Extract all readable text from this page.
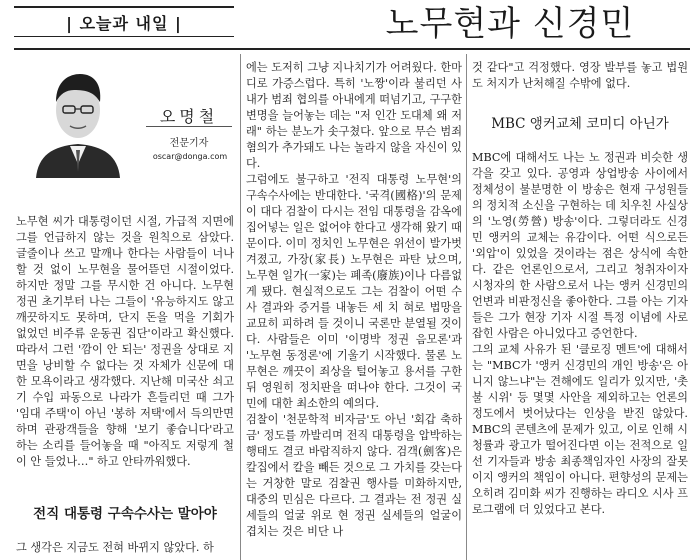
| 오늘과 내일 |	노무현과 신경민
오명철
전문기자
oscar@donga.com
노무현 씨가 대통령이던 시절, 가급적 지면에 그를 언급하지 않는 것을 원칙으로 삼았다. 글줄이나 쓰고 말깨나 한다는 사람들이 너나 할 것 없이 노무현을 물어뜯던 시절이었다. 하지만 정말 그를 무시한 건 아니다. 노무현 정권 초기부터 나는 그들이 '유능하지도 않고 깨끗하지도 못하며, 단지 돈을 먹을 기회가 없었던 비주류 운동권 집단'이라고 확신했다. 따라서 그런 '깜이 안 되는' 정권을 상대로 지면을 낭비할 수 없다는 것 자체가 신문에 대한 모욕이라고 생각했다. 지난해 미국산 쇠고기 수입 파동으로 나라가 흔들리던 때 그가 '임대 주택'이 아닌 '봉하 저택'에서 득의만면하며 관광객들을 향해 '보기 좋습니다'라고 하는 소리를 들어놓을 때 "아직도 저렇게 철이 안 들었나…" 하고 안타까워했다.
전직 대통령 구속수사는 말아야
그 생각은 지금도 전혀 바뀌지 않았다. 하
에는 도저히 그냥 지나치기가 어려웠다. 한마디로 가증스럽다. 특히 '노짱'이라 불리던 사내가 범죄 협의를 아내에게 떠넘기고, 구구한 변명을 늘어놓는 데는 "저 인간 도대체 왜 저래" 하는 분노가 솟구쳤다. 앞으로 무슨 범죄 혐의가 추가돼도 나는 놀라지 않을 자신이 있다.
그럼에도 불구하고 '전직 대통령 노무현'의 구속수사에는 반대한다. '국격(國格)'의 문제이 대다 검찰이 다시는 전임 대통령을 감옥에 집어넣는 일은 없어야 한다고 생각해 왔기 때문이다. 이미 정치인 노무현은 위선이 발가벗겨졌고, 가장(家長) 노무현은 파탄 났으며, 노무현 일가(一家)는 폐족(廢族)이나 다름없게 됐다. 현실적으로도 그는 검찰이 어떤 수사 결과와 증거를 내놓든 세 치 혀로 법망을 교묘히 피하려 들 것이니 국론만 분열될 것이다. 사람들은 이미 '이명박 정권 음모론'과 '노무현 동정론'에 기울기 시작했다. 물론 노무현은 깨끗이 죄상을 털어놓고 용서를 구한 뒤 영원히 정치판을 떠나야 한다. 그것이 국민에 대한 최소한의 예의다.
검찰이 '천문학적 비자금'도 아닌 '회갑 축하금' 정도를 까발리며 전직 대통령을 압박하는 행태도 결코 바람직하지 않다. 검객(劍客)은 칼집에서 칼을 빼든 것으로 그 가치를 갖는다는 거창한 말로 검찰권 행사를 미화하지만, 대중의 민심은 다르다. 그 결과는 전 정권 실세들의 얼굴 위로 현 정권 실세들의 얼굴이 겹치는 것은 비단 나
것 같다"고 걱정했다. 영장 발부를 놓고 법원도 처지가 난처해질 수밖에 없다.
MBC 앵커교체 코미디 아닌가
MBC에 대해서도 나는 노 정권과 비슷한 생각을 갖고 있다. 공영과 상업방송 사이에서 정체성이 불분명한 이 방송은 현재 구성원들의 정치적 소신을 구현하는 데 치우친 사실상의 '노영(勞營) 방송'이다. 그렇더라도 신경민 앵커의 교체는 유감이다. 어떤 식으로든 '외압'이 있었을 것이라는 점은 상식에 속한다. 같은 언론인으로서, 그리고 청취자이자 시청자의 한 사람으로서 나는 앵커 신경민의 언변과 비판정신을 좋아한다. 그를 아는 기자들은 그가 현장 기자 시절 특정 이념에 사로잡힌 사람은 아니었다고 증언한다.
그의 교체 사유가 된 '클로징 멘트'에 대해서는 "MBC가 '앵커 신경민의 개인 방송'은 아니지 않느냐"는 견해에도 일리가 있지만, '촛불 시위' 등 몇몇 사안을 제외하고는 언론의 정도에서 벗어났다는 인상을 받진 않았다. MBC의 콘텐츠에 문제가 있고, 이로 인해 시청률과 광고가 떨어진다면 이는 전적으로 일선 기자들과 방송 최종책임자인 사장의 잘못이지 앵커의 책임이 아니다. 편향성의 문제는 오히려 김미화 씨가 진행하는 라디오 시사 프로그램에 더 있었다고 본다.
